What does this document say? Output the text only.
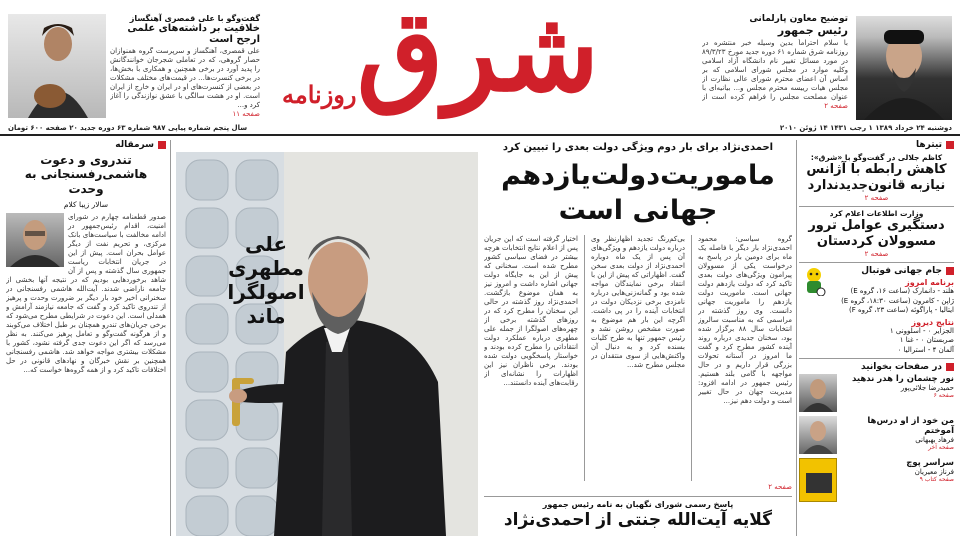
توضیح معاون پارلمانی
رئیس جمهور
با سلام احتراماً بدین وسیله خبر منتشره در روزنامه شرق شماره ۶۱ دوره جدید مورخ ۸۹/۳/۲۳ در مورد مسائل تغییر نام دانشگاه آزاد اسلامی وکلیه موارد در مجلس شورای اسلامی که بر اساس آن اعضای محترم شورای عالی نظارت از مجلس هیات رییسه محترم مجلس و... بیانیه‌ای با عنوان مصلحت مجلس را فراهم کرده است از
صفحه ۲
شرق
روزنامه
گفت‌وگو با علی قمصری آهنگساز
خلاقیت بر داشته‌های علمی ارجح است
علی قمصری، آهنگساز و سرپرست گروه همنوازان حصار گروهی، که در تعاملی شجرجان خوانندگانش را پدید آورد در برخی همچنین و همکاری با بخش‌ها، در برخی کنسرت‌ها... در قیمت‌های مختلف مشکلات در بعضی از کنسرت‌های او در ایران و خارج از ایران است. او در هشت سالگی با عشق نوازندگی را آغاز کرد و...
صفحه ۱۱
دوشنبه ۲۴ خرداد ۱۳۸۹ ۱ رجب ۱۴۳۱ ۱۴ ژوئن ۲۰۱۰
سال پنجم شماره پیاپی ۹۸۷ شماره ۶۳ دوره جدید ۲۰ صفحه ۶۰۰ تومان
تیترها
کاظم جلالی در گفت‌وگو با «شرق»:
کاهش رابطه با آژانس نیازبه قانون‌جدیدندارد
صفحه ۲
وزارت اطلاعات اعلام کرد
دستگیری عوامل ترور مسوولان کردستان
صفحه ۲
جام جهانی فوتبال
برنامه امروز
هلند - دانمارک (ساعت ۱۶، گروه E)
ژاپن - کامرون (ساعت ۱۸:۳۰، گروه E)
ایتالیا - پاراگوئه (ساعت ۲۳، گروه F)
نتایج دیروز
الجزایر ۰ - اسلوونی ۱
صربستان ۰ - غنا ۱
آلمان ۴ - استرالیا ۰
در صفحات بخوانید
نور چشمان را هدر ندهید
حمیدرضا جلائی‌پور
صفحه ۶
من خود از او درس‌ها آموختم
فرهاد بهبهانی
صفحه آخر
سراسر پوچ
فرناز معیریان
صفحه کتاب ۹
احمدی‌نژاد برای بار دوم ویژگی دولت بعدی را تبیین کرد
ماموریت‌دولت‌یازدهم
جهانی است
گروه سیاسی: محمود احمدی‌نژاد بار دیگر با فاصله یک ماه برای دومین بار در پاسخ به درخواست یکی از مسوولان پیرامون ویژگی‌های دولت بعدی تاکید کرد که دولت یازدهم دولت جهانی است. ماموریت دولت یازدهم را ماموریت جهانی دانست. وی روز گذشته در مراسمی که به مناسبت سالروز انتخابات سال ۸۸ برگزار شده بود، سخنان جدیدی درباره روند آینده کشور مطرح کرد و گفت ما امروز در آستانه تحولات بزرگی قرار داریم و در حال مواجهه با گامی بلند هستیم. رئیس جمهور در ادامه افزود: مدیریت جهان در حال تغییر است و دولت دهم نیز...
بی‌کم‌رنگ تجدید اظهارنظر وی درباره دولت یازدهم و ویژگی‌های آن پس از یک ماه دوباره احمدی‌نژاد از دولت بعدی سخن گفت. اظهاراتی که پیش از این با انتقاد برخی نمایندگان مواجه شده بود و گمانه‌زنی‌هایی درباره نامزدی برخی نزدیکان دولت در انتخابات آینده را در پی داشت. اگرچه این بار هم موضوع به صورت مشخص روشن نشد و رئیس جمهور تنها به طرح کلیات بسنده کرد و به دنبال آن واکنش‌هایی از سوی منتقدان در مجلس مطرح شد...
اختیار گرفته است که این جریان پس از اعلام نتایج انتخابات هرچه بیشتر در فضای سیاسی کشور مطرح شده است. سخنانی که پیش از این به جایگاه دولت جهانی اشاره داشت و امروز نیز به همان موضوع بازگشت. احمدی‌نژاد روز گذشته در حالی این سخنان را مطرح کرد که در روزهای گذشته برخی از چهره‌های اصولگرا از جمله علی مطهری درباره عملکرد دولت انتقاداتی را مطرح کرده بودند و خواستار پاسخگویی دولت شده بودند. برخی ناظران نیز این اظهارات را نشانه‌ای از رقابت‌های آینده دانستند...
صفحه ۲
علی مطهری
اصولگرا ماند
پاسخ رسمی شورای نگهبان به نامه رئیس جمهور
گلایه آیت‌الله جنتی از احمدی‌نژاد
سرمقاله
تندروی و دعوت
هاشمی‌رفسنجانی به وحدت
سالار زیبا کلام
صدور قطعنامه چهارم در شورای امنیت، اقدام رئیس‌جمهور در ادامه مخالفت با سیاست‌های بانک مرکزی، و تحریم نفت از دیگر عوامل بحران است. پیش از این در جریان انتخابات ریاست جمهوری سال گذشته و پس از آن شاهد برخوردهایی بودیم که در نتیجه آنها بخشی از جامعه ناراضی شدند. آیت‌الله هاشمی رفسنجانی در سخنرانی اخیر خود بار دیگر بر ضرورت وحدت و پرهیز از تندروی تاکید کرد و گفت که جامعه نیازمند آرامش و همدلی است. این دعوت در شرایطی مطرح می‌شود که برخی جریان‌های تندرو همچنان بر طبل اختلاف می‌کوبند و از هرگونه گفت‌وگو و تعامل پرهیز می‌کنند. به نظر می‌رسد که اگر این دعوت جدی گرفته نشود، کشور با مشکلات بیشتری مواجه خواهد شد. هاشمی رفسنجانی همچنین بر نقش خبرگان و نهادهای قانونی در حل اختلافات تاکید کرد و از همه گروه‌ها خواست که...
